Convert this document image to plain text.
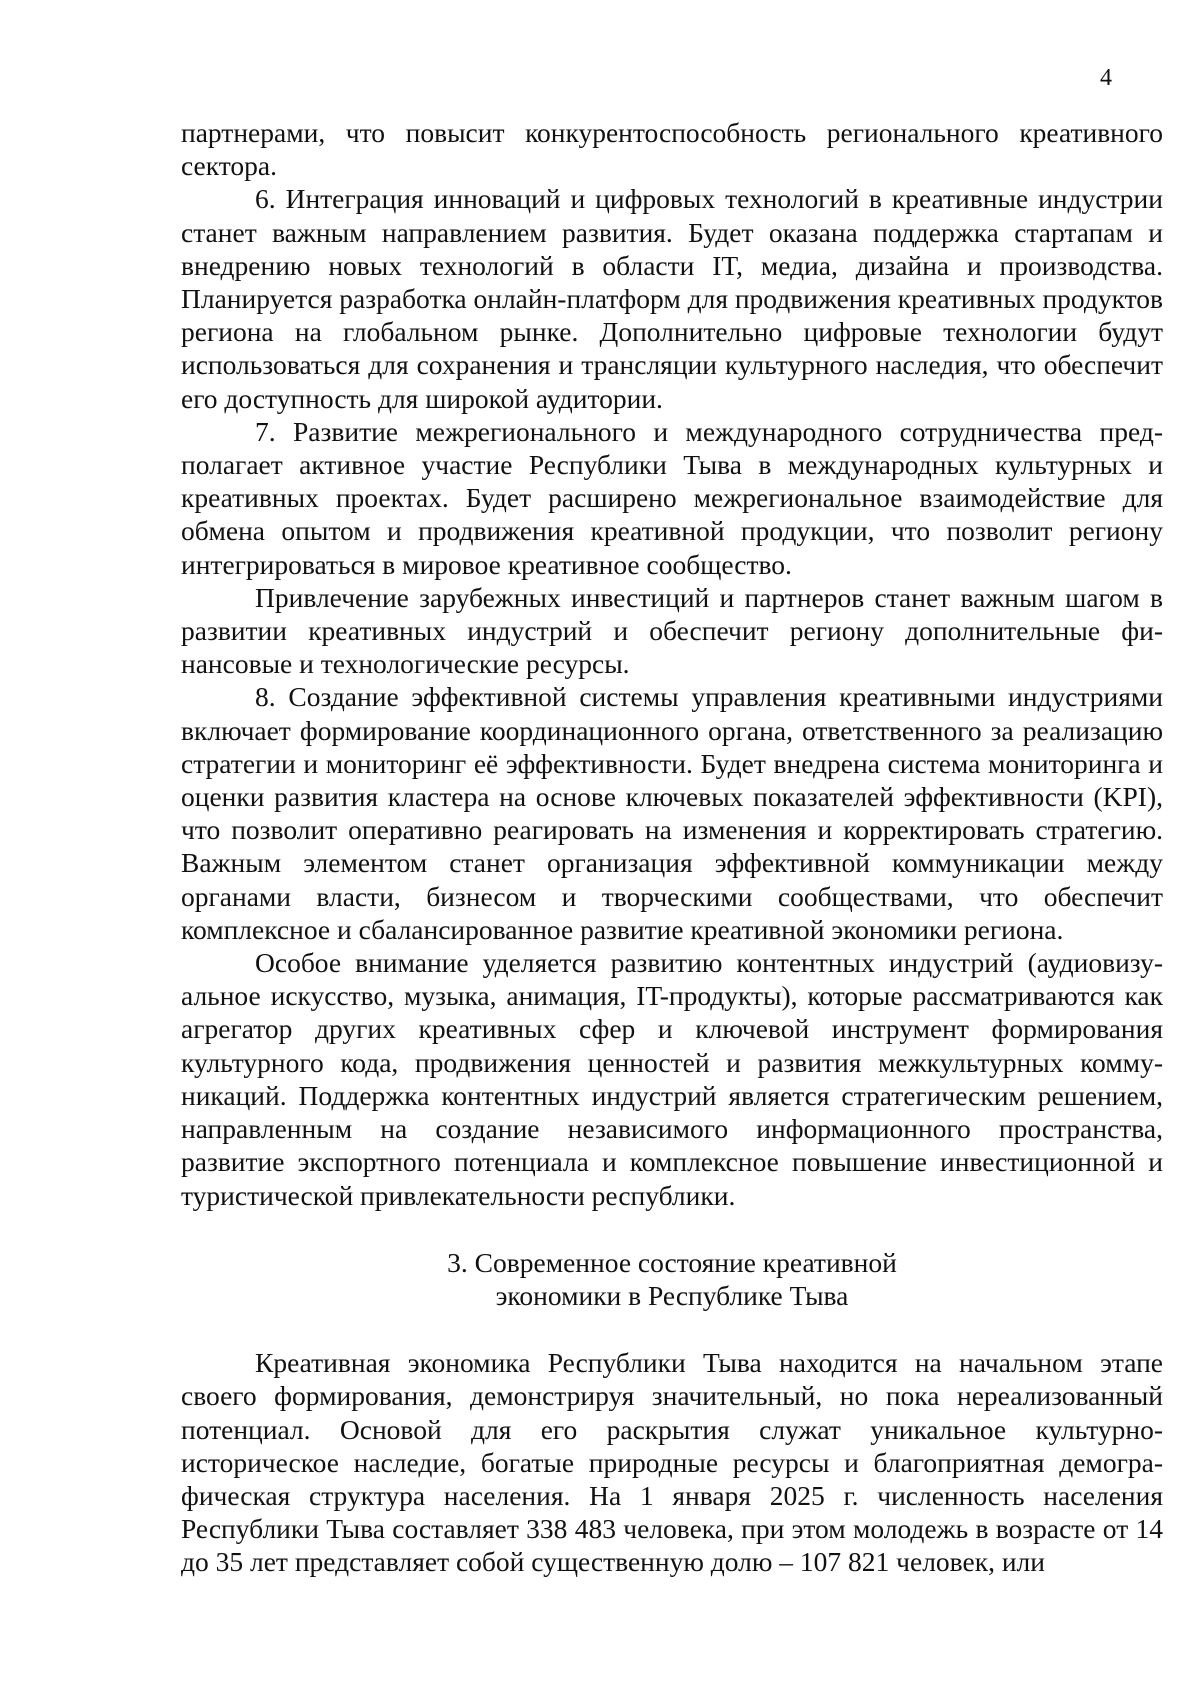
4

партнерами, что повысит конкурентоспособность регионального креативного сектора.

6. Интеграция инноваций и цифровых технологий в креативные индустрии станет важным направлением развития. Будет оказана поддержка стартапам и внедрению новых технологий в области IT, медиа, дизайна и производства. Планируется разработка онлайн-платформ для продвижения креативных продуктов региона на глобальном рынке. Дополнительно цифровые технологии будут использоваться для сохранения и трансляции культурного наследия, что обеспечит его доступность для широкой аудитории.

7. Развитие межрегионального и международного сотрудничества предполагает активное участие Республики Тыва в международных культурных и креативных проектах. Будет расширено межрегиональное взаимодействие для обмена опытом и продвижения креативной продукции, что позволит региону интегрироваться в мировое креативное сообщество.

Привлечение зарубежных инвестиций и партнеров станет важным шагом в развитии креативных индустрий и обеспечит региону дополнительные финансовые и технологические ресурсы.

8. Создание эффективной системы управления креативными индустриями включает формирование координационного органа, ответственного за реализацию стратегии и мониторинг её эффективности. Будет внедрена система мониторинга и оценки развития кластера на основе ключевых показателей эффективности (KPI), что позволит оперативно реагировать на изменения и корректировать стратегию. Важным элементом станет организация эффективной коммуникации между органами власти, бизнесом и творческими сообществами, что обеспечит комплексное и сбалансированное развитие креативной экономики региона.

Особое внимание уделяется развитию контентных индустрий (аудиовизуальное искусство, музыка, анимация, IT-продукты), которые рассматриваются как агрегатор других креативных сфер и ключевой инструмент формирования культурного кода, продвижения ценностей и развития межкультурных коммуникаций. Поддержка контентных индустрий является стратегическим решением, направленным на создание независимого информационного пространства, развитие экспортного потенциала и комплексное повышение инвестиционной и туристической привлекательности республики.

3. Современное состояние креативной
экономики в Республике Тыва

Креативная экономика Республики Тыва находится на начальном этапе своего формирования, демонстрируя значительный, но пока нереализованный потенциал. Основой для его раскрытия служат уникальное культурно-историческое наследие, богатые природные ресурсы и благоприятная демографическая структура населения. На 1 января 2025 г. численность населения Республики Тыва составляет 338 483 человека, при этом молодежь в возрасте от 14 до 35 лет представляет собой существенную долю – 107 821 человек, или
